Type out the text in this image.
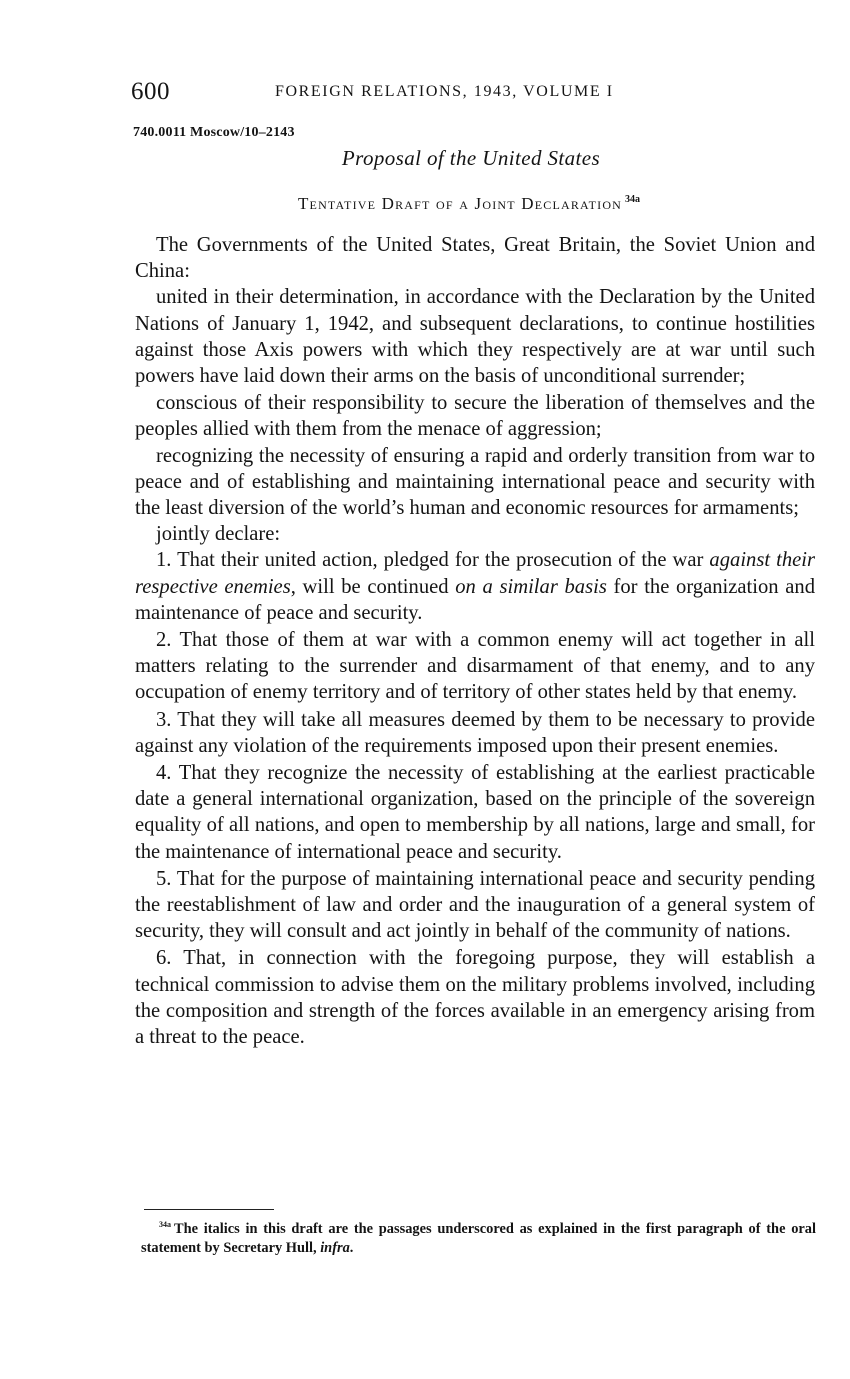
600	FOREIGN RELATIONS, 1943, VOLUME I
740.0011 Moscow/10–2143
Proposal of the United States
Tentative Draft of a Joint Declaration $^{34a}$

The Governments of the United States, Great Britain, the Soviet Union and China:

united in their determination, in accordance with the Declaration by the United Nations of January 1, 1942, and subsequent declarations, to continue hostilities against those Axis powers with which they respectively are at war until such powers have laid down their arms on the basis of unconditional surrender;

conscious of their responsibility to secure the liberation of themselves and the peoples allied with them from the menace of aggression;

recognizing the necessity of ensuring a rapid and orderly transition from war to peace and of establishing and maintaining international peace and security with the least diversion of the world’s human and economic resources for armaments;

jointly declare:

1. That their united action, pledged for the prosecution of the war against their respective enemies, will be continued on a similar basis for the organization and maintenance of peace and security.

2. That those of them at war with a common enemy will act together in all matters relating to the surrender and disarmament of that enemy, and to any occupation of enemy territory and of territory of other states held by that enemy.

3. That they will take all measures deemed by them to be necessary to provide against any violation of the requirements imposed upon their present enemies.

4. That they recognize the necessity of establishing at the earliest practicable date a general international organization, based on the principle of the sovereign equality of all nations, and open to membership by all nations, large and small, for the maintenance of international peace and security.

5. That for the purpose of maintaining international peace and security pending the reestablishment of law and order and the inauguration of a general system of security, they will consult and act jointly in behalf of the community of nations.

6. That, in connection with the foregoing purpose, they will establish a technical commission to advise them on the military problems involved, including the composition and strength of the forces available in an emergency arising from a threat to the peace.

$^{34a}$ The italics in this draft are the passages underscored as explained in the first paragraph of the oral statement by Secretary Hull, infra.
